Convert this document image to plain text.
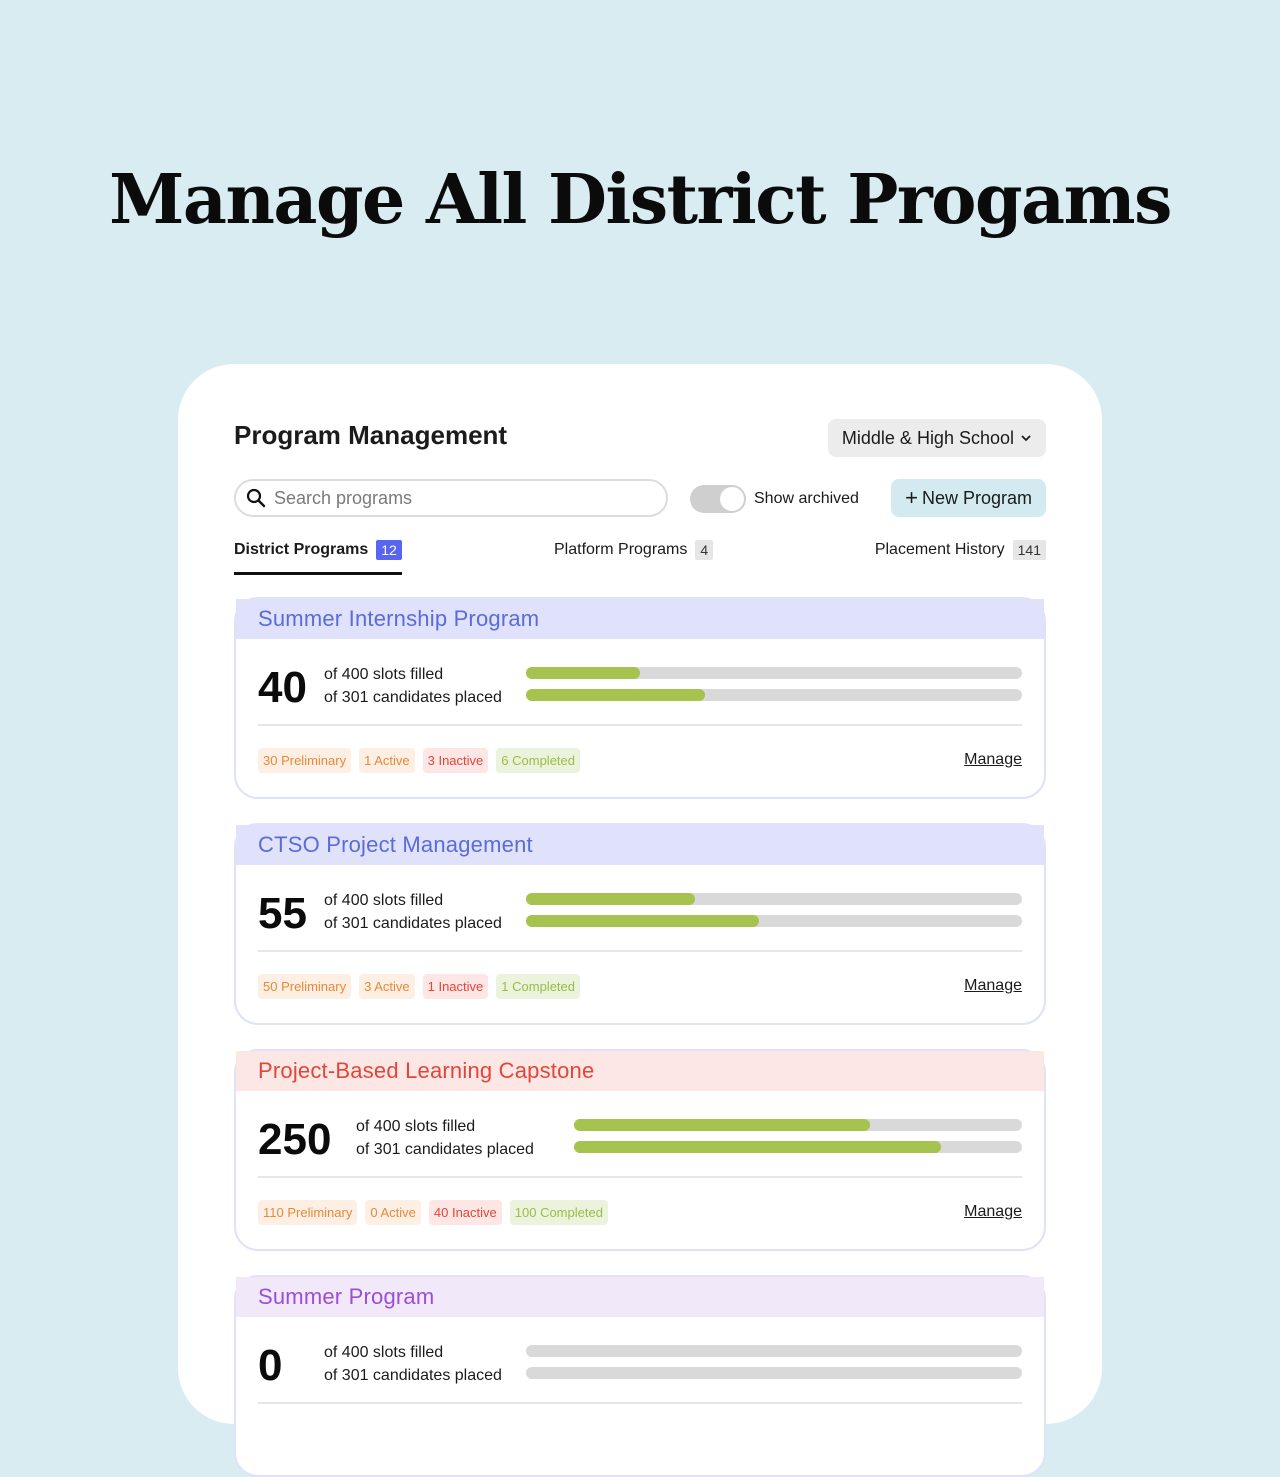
Manage All District Progams
Program Management	Middle & High School
Search programs
Show archived + New Program
District Programs 12	Platform Programs 4	Placement History 141
Summer Internship Program
40 of 400 slots filled
of 301 candidates placed
30 Preliminary	1 Active	3 Inactive	6 Completed	Manage
CTSO Project Management
55 of 400 slots filled
of 301 candidates placed
50 Preliminary	3 Active	1 Inactive	1 Completed	Manage
Project-Based Learning Capstone
250 of 400 slots filled
of 301 candidates placed
110 Preliminary	0 Active	40 Inactive	100 Completed	Manage
Summer Program
0	of 400 slots filled
of 301 candidates placed
